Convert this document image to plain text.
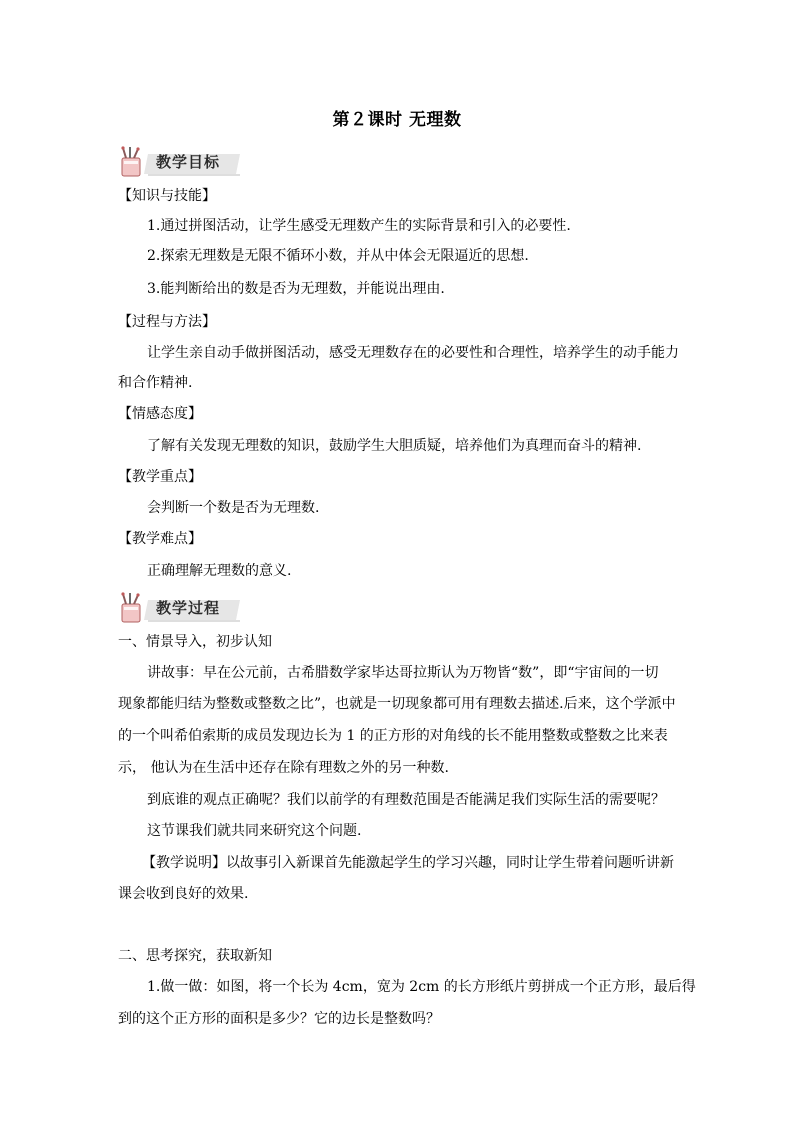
第２课时 无理数
教学目标
【知识与技能】
1.通过拼图活动，让学生感受无理数产生的实际背景和引入的必要性.
2.探索无理数是无限不循环小数，并从中体会无限逼近的思想.
3.能判断给出的数是否为无理数，并能说出理由.
【过程与方法】
让学生亲自动手做拼图活动，感受无理数存在的必要性和合理性，培养学生的动手能力
和合作精神.
【情感态度】
了解有关发现无理数的知识，鼓励学生大胆质疑，培养他们为真理而奋斗的精神.
【教学重点】
会判断一个数是否为无理数.
【教学难点】
正确理解无理数的意义.
教学过程
一、情景导入，初步认知
讲故事：早在公元前，古希腊数学家毕达哥拉斯认为万物皆“数”，即“宇宙间的一切
现象都能归结为整数或整数之比”，也就是一切现象都可用有理数去描述.后来，这个学派中
的一个叫希伯索斯的成员发现边长为 1 的正方形的对角线的长不能用整数或整数之比来表
示， 他认为在生活中还存在除有理数之外的另一种数.
到底谁的观点正确呢？我们以前学的有理数范围是否能满足我们实际生活的需要呢？
这节课我们就共同来研究这个问题.
【教学说明】以故事引入新课首先能激起学生的学习兴趣，同时让学生带着问题听讲新
课会收到良好的效果.
二、思考探究，获取新知
1.做一做：如图，将一个长为 4cm，宽为 2cm 的长方形纸片剪拼成一个正方形，最后得
到的这个正方形的面积是多少？它的边长是整数吗？
